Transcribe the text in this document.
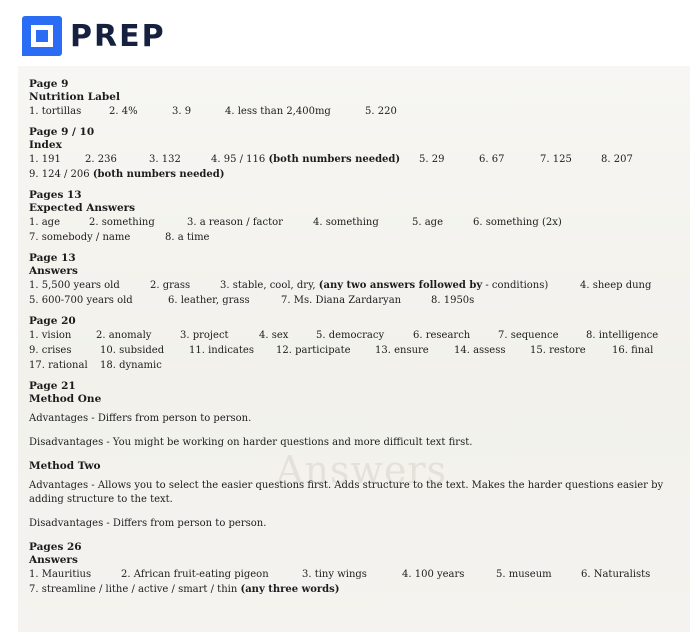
PREP
Answers
Page 9
Nutrition Label
1. tortillas	2. 4%	3. 9	4. less than 2,400mg	5. 220
Page 9 / 10
Index
1. 191 2. 236	3. 132	4. 95 / 116 (both numbers needed) 5. 29	6. 67	7. 125	8. 207
9. 124 / 206 (both numbers needed)
Pages 13
Expected Answers
1. age	2. something	3. a reason / factor	4. something	5. age	6. something (2x)
7. somebody / name	8. a time
Page 13
Answers
1. 5,500 years old	2. grass	3. stable, cool, dry, (any two answers followed by - conditions)	4. sheep dung
5. 600-700 years old	6. leather, grass	7. Ms. Diana Zardaryan	8. 1950s
Page 20
1. vision 2. anomaly	3. project	4. sex	5. democracy	6. research	7. sequence	8. intelligence
9. crises	10. subsided 11. indicates 12. participate 13. ensure	14. assess 15. restore	16. final
17. rational 18. dynamic
Page 21
Method One
Advantages - Differs from person to person.
Disadvantages - You might be working on harder questions and more difficult text first.
Method Two
Advantages - Allows you to select the easier questions first. Adds structure to the text. Makes the harder questions easier by adding structure to the text.
Disadvantages - Differs from person to person.
Pages 26
Answers
1. Mauritius	2. African fruit-eating pigeon	3. tiny wings	4. 100 years	5. museum	6. Naturalists
7. streamline / lithe / active / smart / thin (any three words)
